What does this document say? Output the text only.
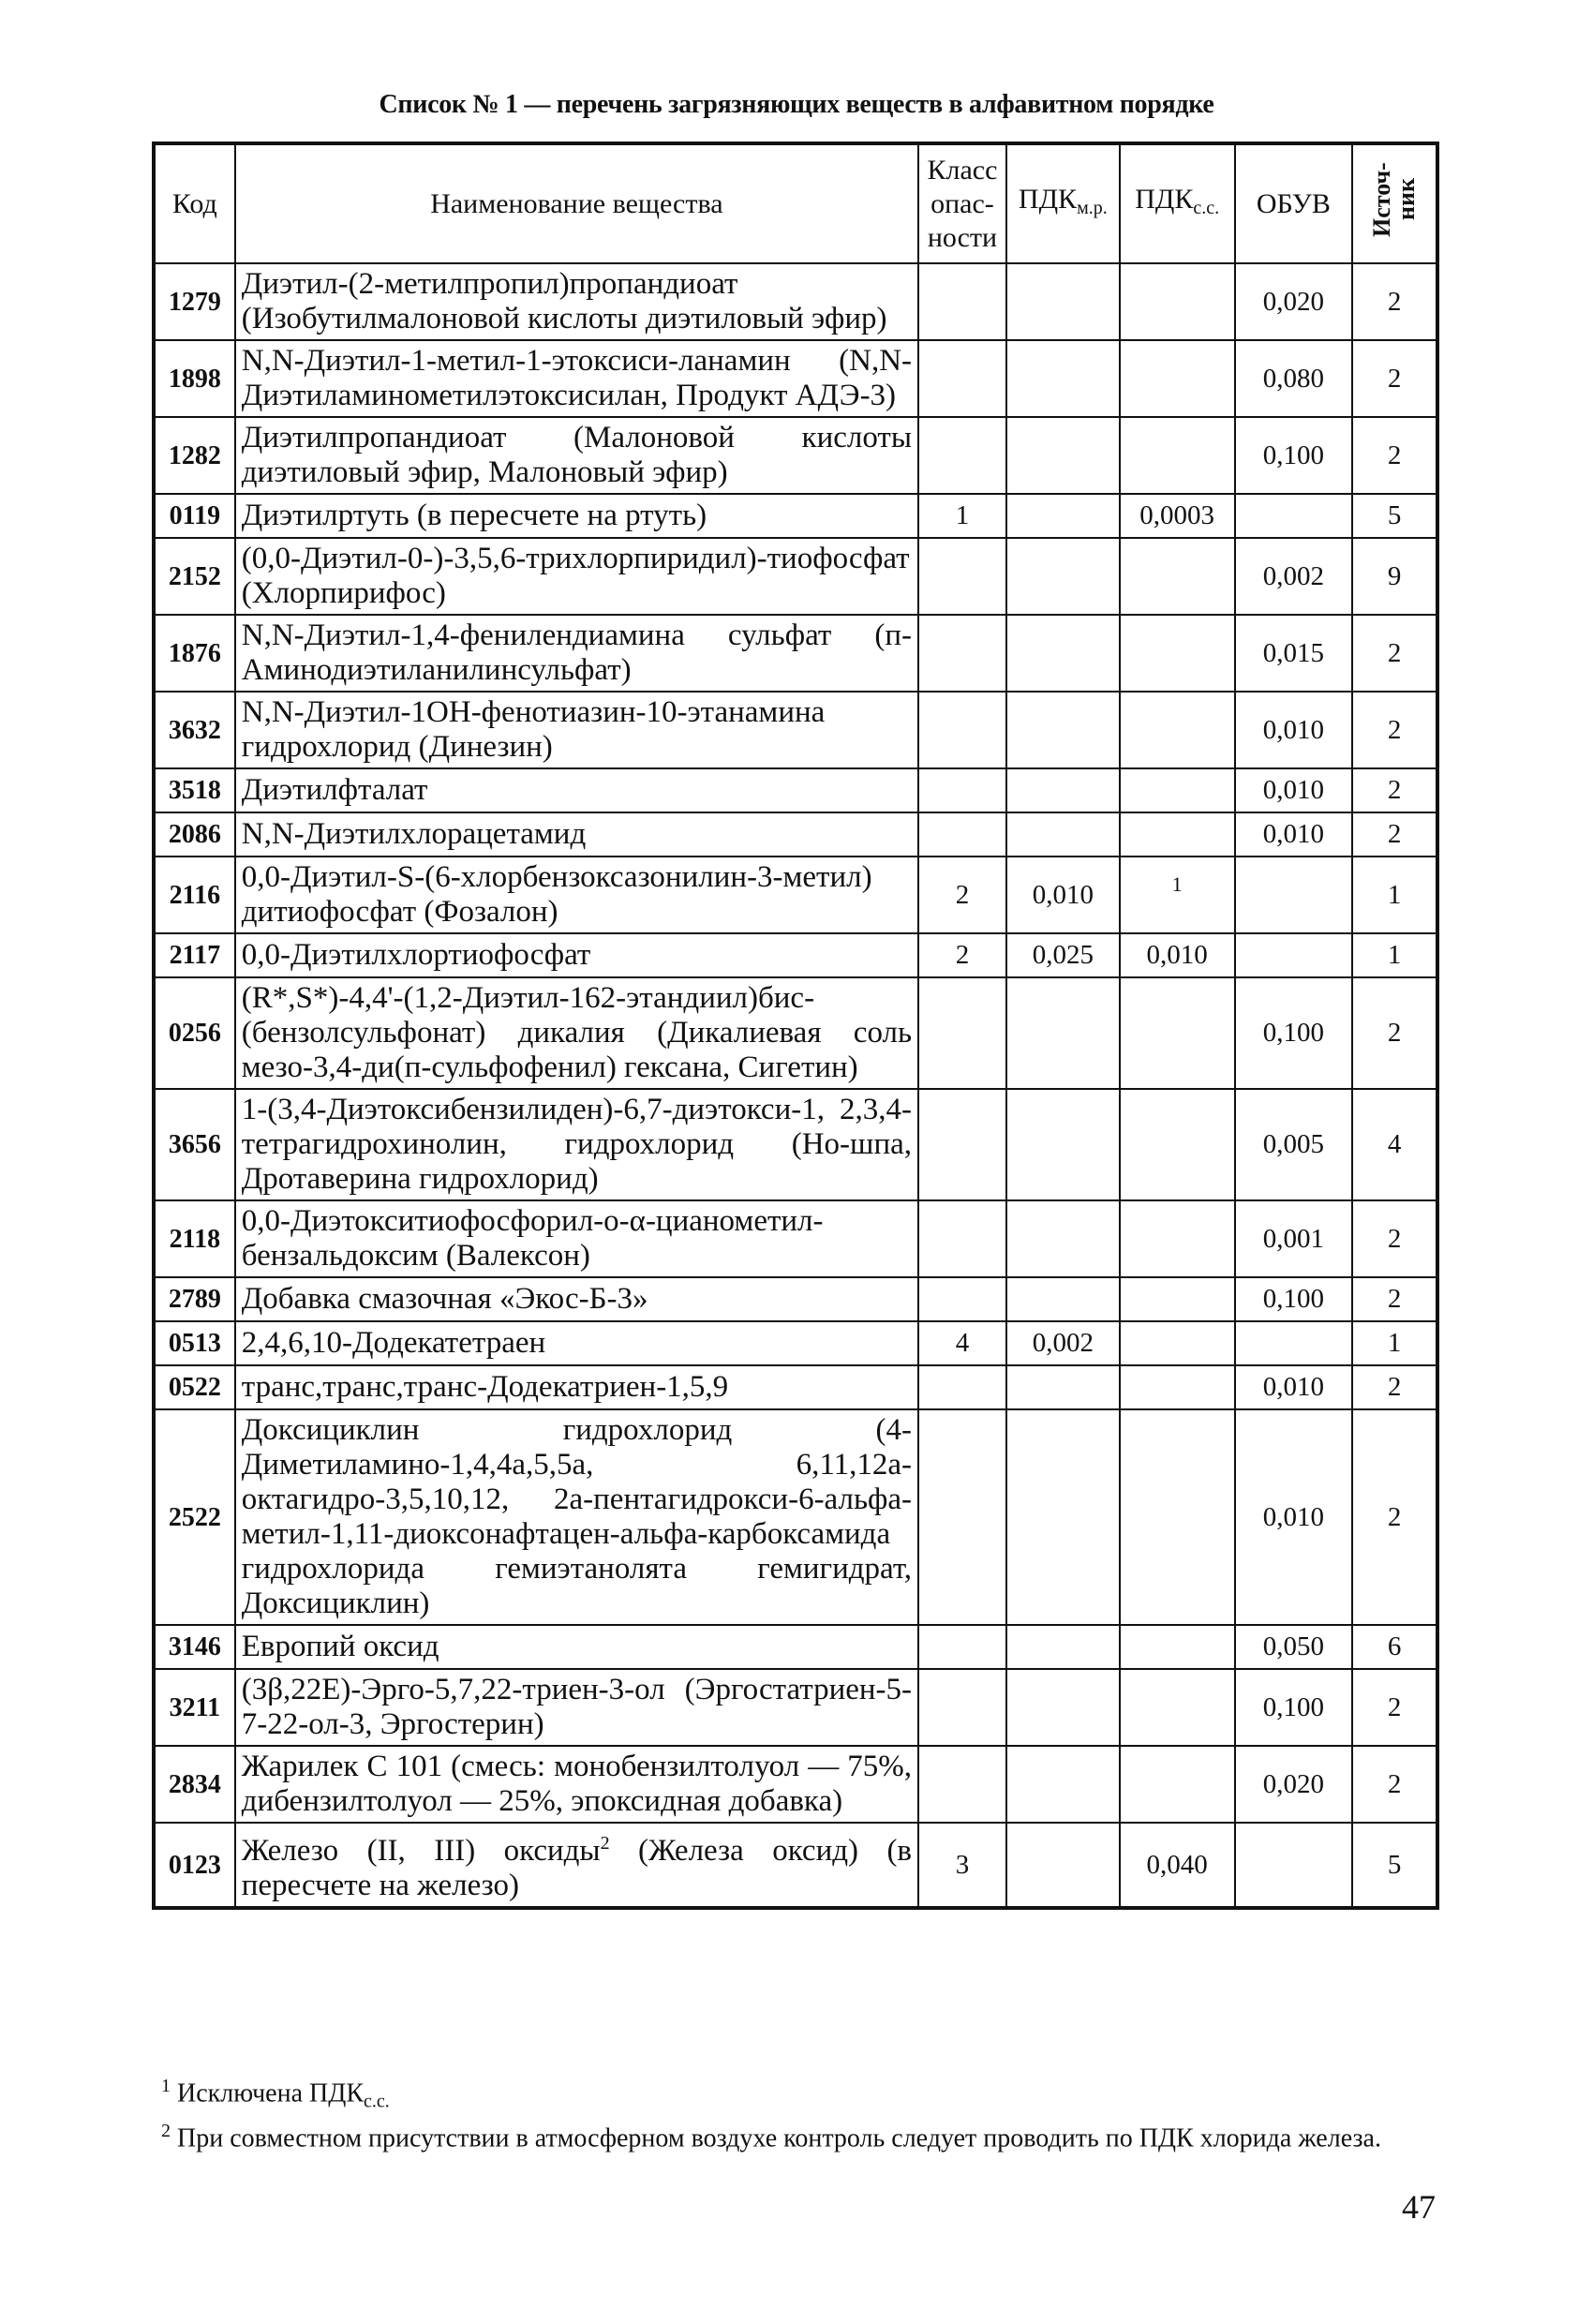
Список № 1 — перечень загрязняющих веществ в алфавитном порядке
Код	Наименование вещества	Класс опас-ности	$ПДК_{м.р.}$	$ПДК_{с.с.}$	ОБУВ	Источ-ник
1279	Диэтил-(2-метилпропил)пропандиоат (Изобутилмалоновой кислоты диэтиловый эфир)				0,020	2
1898	N,N-Диэтил-1-метил-1-этоксиси-ланамин (N,N-Диэтиламинометилэтоксисилан, Продукт АДЭ-3)				0,080	2
1282	Диэтилпропандиоат (Малоновой кислоты диэтиловый эфир, Малоновый эфир)				0,100	2
0119	Диэтилртуть (в пересчете на ртуть)	1		0,0003		5
2152	(0,0-Диэтил-0-)-3,5,6-трихлорпиридил)-тиофосфат (Хлорпирифос)				0,002	9
1876	N,N-Диэтил-1,4-фенилендиамина сульфат (п-Аминодиэтиланилинсульфат)				0,015	2
3632	N,N-Диэтил-1ОН-фенотиазин-10-этанамина гидрохлорид (Динезин)				0,010	2
3518	Диэтилфталат				0,010	2
2086	N,N-Диэтилхлорацетамид				0,010	2
2116	0,0-Диэтил-S-(6-хлорбензоксазонилин-3-метил) дитиофосфат (Фозалон)	2	0,010	1		1
2117	0,0-Диэтилхлортиофосфат	2	0,025	0,010		1
0256	(R*,S*)-4,4'-(1,2-Диэтил-162-этандиил)бис-(бензолсульфонат) дикалия (Дикалиевая соль мезо-3,4-ди(п-сульфофенил) гексана, Сигетин)				0,100	2
3656	1-(3,4-Диэтоксибензилиден)-6,7-диэтокси-1, 2,3,4-тетрагидрохинолин, гидрохлорид (Но-шпа, Дротаверина гидрохлорид)				0,005	4
2118	0,0-Диэтокситиофосфорил-о-α-цианометил-бензальдоксим (Валексон)				0,001	2
2789	Добавка смазочная «Экос-Б-3»				0,100	2
0513	2,4,6,10-Додекатетраен	4	0,002			1
0522	транс,транс,транс-Додекатриен-1,5,9				0,010	2
2522	Доксициклин гидрохлорид (4-Диметиламино-1,4,4а,5,5а, 6,11,12а-октагидро-3,5,10,12, 2а-пентагидрокси-6-альфа-метил-1,11-диоксонафтацен-альфа-карбоксамида гидрохлорида гемиэтанолята гемигидрат, Доксициклин)				0,010	2
3146	Европий оксид				0,050	6
3211	(3β,22E)-Эрго-5,7,22-триен-3-ол (Эргостатриен-5-7-22-ол-3, Эргостерин)				0,100	2
2834	Жарилек С 101 (смесь: монобензилтолуол — 75%, дибензилтолуол — 25%, эпоксидная добавка)				0,020	2
0123	Железо (II, III) оксиды$^2$ (Железа оксид) (в пересчете на железо)	3		0,040		5

$^1$ Исключена $ПДК_{с.с.}$

$^2$ При совместном присутствии в атмосферном воздухе контроль следует проводить по ПДК хлорида железа.

47
